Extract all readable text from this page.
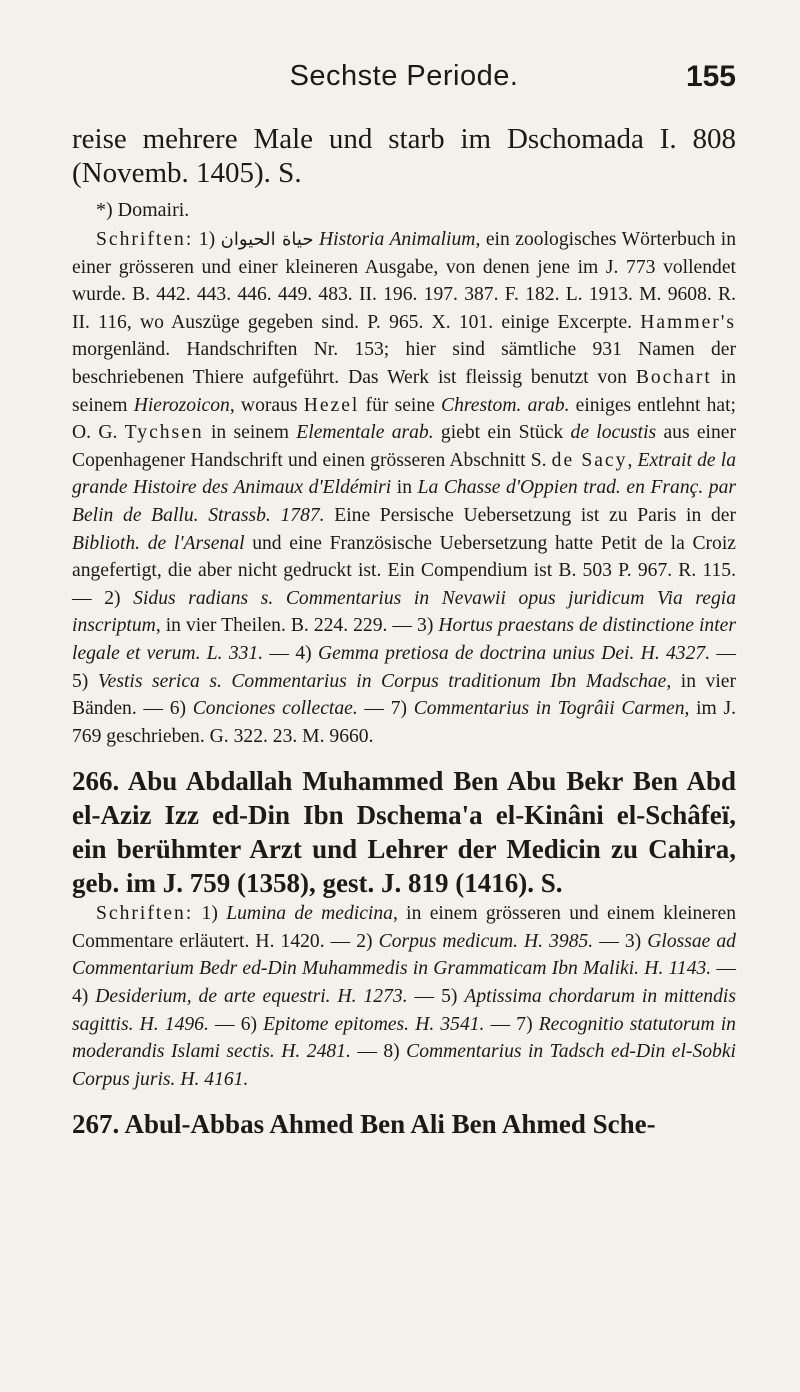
Sechste Periode.	155

reise mehrere Male und starb im Dschomada I. 808 (Novemb. 1405). S.

*) Domairi.

Schriften: 1) حياة الحيوان Historia Animalium, ein zoologisches Wörterbuch in einer grösseren und einer kleineren Ausgabe, von denen jene im J. 773 vollendet wurde. B. 442. 443. 446. 449. 483. II. 196. 197. 387. F. 182. L. 1913. M. 9608. R. II. 116, wo Auszüge gegeben sind. P. 965. X. 101. einige Excerpte. Hammer's morgenländ. Handschriften Nr. 153; hier sind sämtliche 931 Namen der beschriebenen Thiere aufgeführt. Das Werk ist fleissig benutzt von Bochart in seinem Hierozoicon, woraus Hezel für seine Chrestom. arab. einiges entlehnt hat; O. G. Tychsen in seinem Elementale arab. giebt ein Stück de locustis aus einer Copenhagener Handschrift und einen grösseren Abschnitt S. de Sacy, Extrait de la grande Histoire des Animaux d'Eldémiri in La Chasse d'Oppien trad. en Franç. par Belin de Ballu. Strassb. 1787. Eine Persische Uebersetzung ist zu Paris in der Biblioth. de l'Arsenal und eine Französische Uebersetzung hatte Petit de la Croiz angefertigt, die aber nicht gedruckt ist. Ein Compendium ist B. 503 P. 967. R. 115. — 2) Sidus radians s. Commentarius in Nevawii opus juridicum Via regia inscriptum, in vier Theilen. B. 224. 229. — 3) Hortus praestans de distinctione inter legale et verum. L. 331. — 4) Gemma pretiosa de doctrina unius Dei. H. 4327. — 5) Vestis serica s. Commentarius in Corpus traditionum Ibn Madschae, in vier Bänden. — 6) Conciones collectae. — 7) Commentarius in Togrâii Carmen, im J. 769 geschrieben. G. 322. 23. M. 9660.

266. Abu Abdallah Muhammed Ben Abu Bekr Ben Abd el-Aziz Izz ed-Din Ibn Dschema'a el-Kinâni el-Schâfeï, ein berühmter Arzt und Lehrer der Medicin zu Cahira, geb. im J. 759 (1358), gest. J. 819 (1416). S.

Schriften: 1) Lumina de medicina, in einem grösseren und einem kleineren Commentare erläutert. H. 1420. — 2) Corpus medicum. H. 3985. — 3) Glossae ad Commentarium Bedr ed-Din Muhammedis in Grammaticam Ibn Maliki. H. 1143. — 4) Desiderium, de arte equestri. H. 1273. — 5) Aptissima chordarum in mittendis sagittis. H. 1496. — 6) Epitome epitomes. H. 3541. — 7) Recognitio statutorum in moderandis Islami sectis. H. 2481. — 8) Commentarius in Tadsch ed-Din el-Sobki Corpus juris. H. 4161.

267. Abul-Abbas Ahmed Ben Ali Ben Ahmed Sche-
